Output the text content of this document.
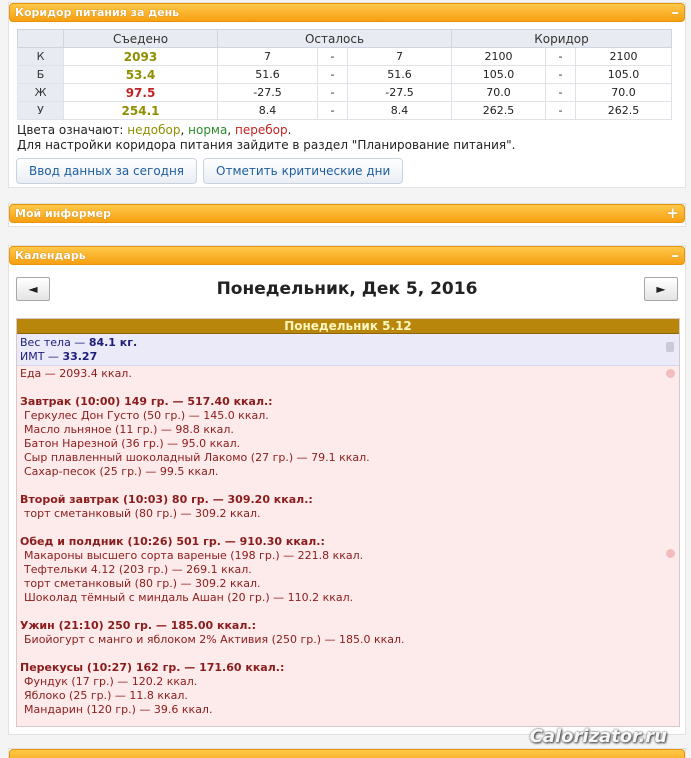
Коридор питания за день	–
	Съедено	Осталось			Коридор		
К	2093	7	-	7	2100	-	2100
Б	53.4	51.6	-	51.6	105.0	-	105.0
Ж	97.5	-27.5	-	-27.5	70.0	-	70.0
У	254.1	8.4	-	8.4	262.5	-	262.5
Цвета означают: недобор, норма, перебор.
Для настройки коридора питания зайдите в раздел "Планирование питания".
Ввод данных за сегодня	Отметить критические дни
Мой информер	+
Календарь	–
◄	Понедельник, Дек 5, 2016	►
Понедельник 5.12
Вес тела — 84.1 кг.
ИМТ — 33.27
Еда — 2093.4 ккал.
Завтрак (10:00) 149 гр. — 517.40 ккал.:
Геркулес Дон Густо (50 гр.) — 145.0 ккал.
Масло льняное (11 гр.) — 98.8 ккал.
Батон Нарезной (36 гр.) — 95.0 ккал.
Сыр плавленный шоколадный Лакомо (27 гр.) — 79.1 ккал.
Сахар-песок (25 гр.) — 99.5 ккал.
Второй завтрак (10:03) 80 гр. — 309.20 ккал.:
торт сметанковый (80 гр.) — 309.2 ккал.
Обед и полдник (10:26) 501 гр. — 910.30 ккал.:
Макароны высшего сорта вареные (198 гр.) — 221.8 ккал.
Тефтельки 4.12 (203 гр.) — 269.1 ккал.
торт сметанковый (80 гр.) — 309.2 ккал.
Шоколад тёмный с миндаль Ашан (20 гр.) — 110.2 ккал.
Ужин (21:10) 250 гр. — 185.00 ккал.:
Биойогурт с манго и яблоком 2% Активия (250 гр.) — 185.0 ккал.
Перекусы (10:27) 162 гр. — 171.60 ккал.:
Фундук (17 гр.) — 120.2 ккал.
Яблоко (25 гр.) — 11.8 ккал.
Мандарин (120 гр.) — 39.6 ккал.
Calorizator.ru
